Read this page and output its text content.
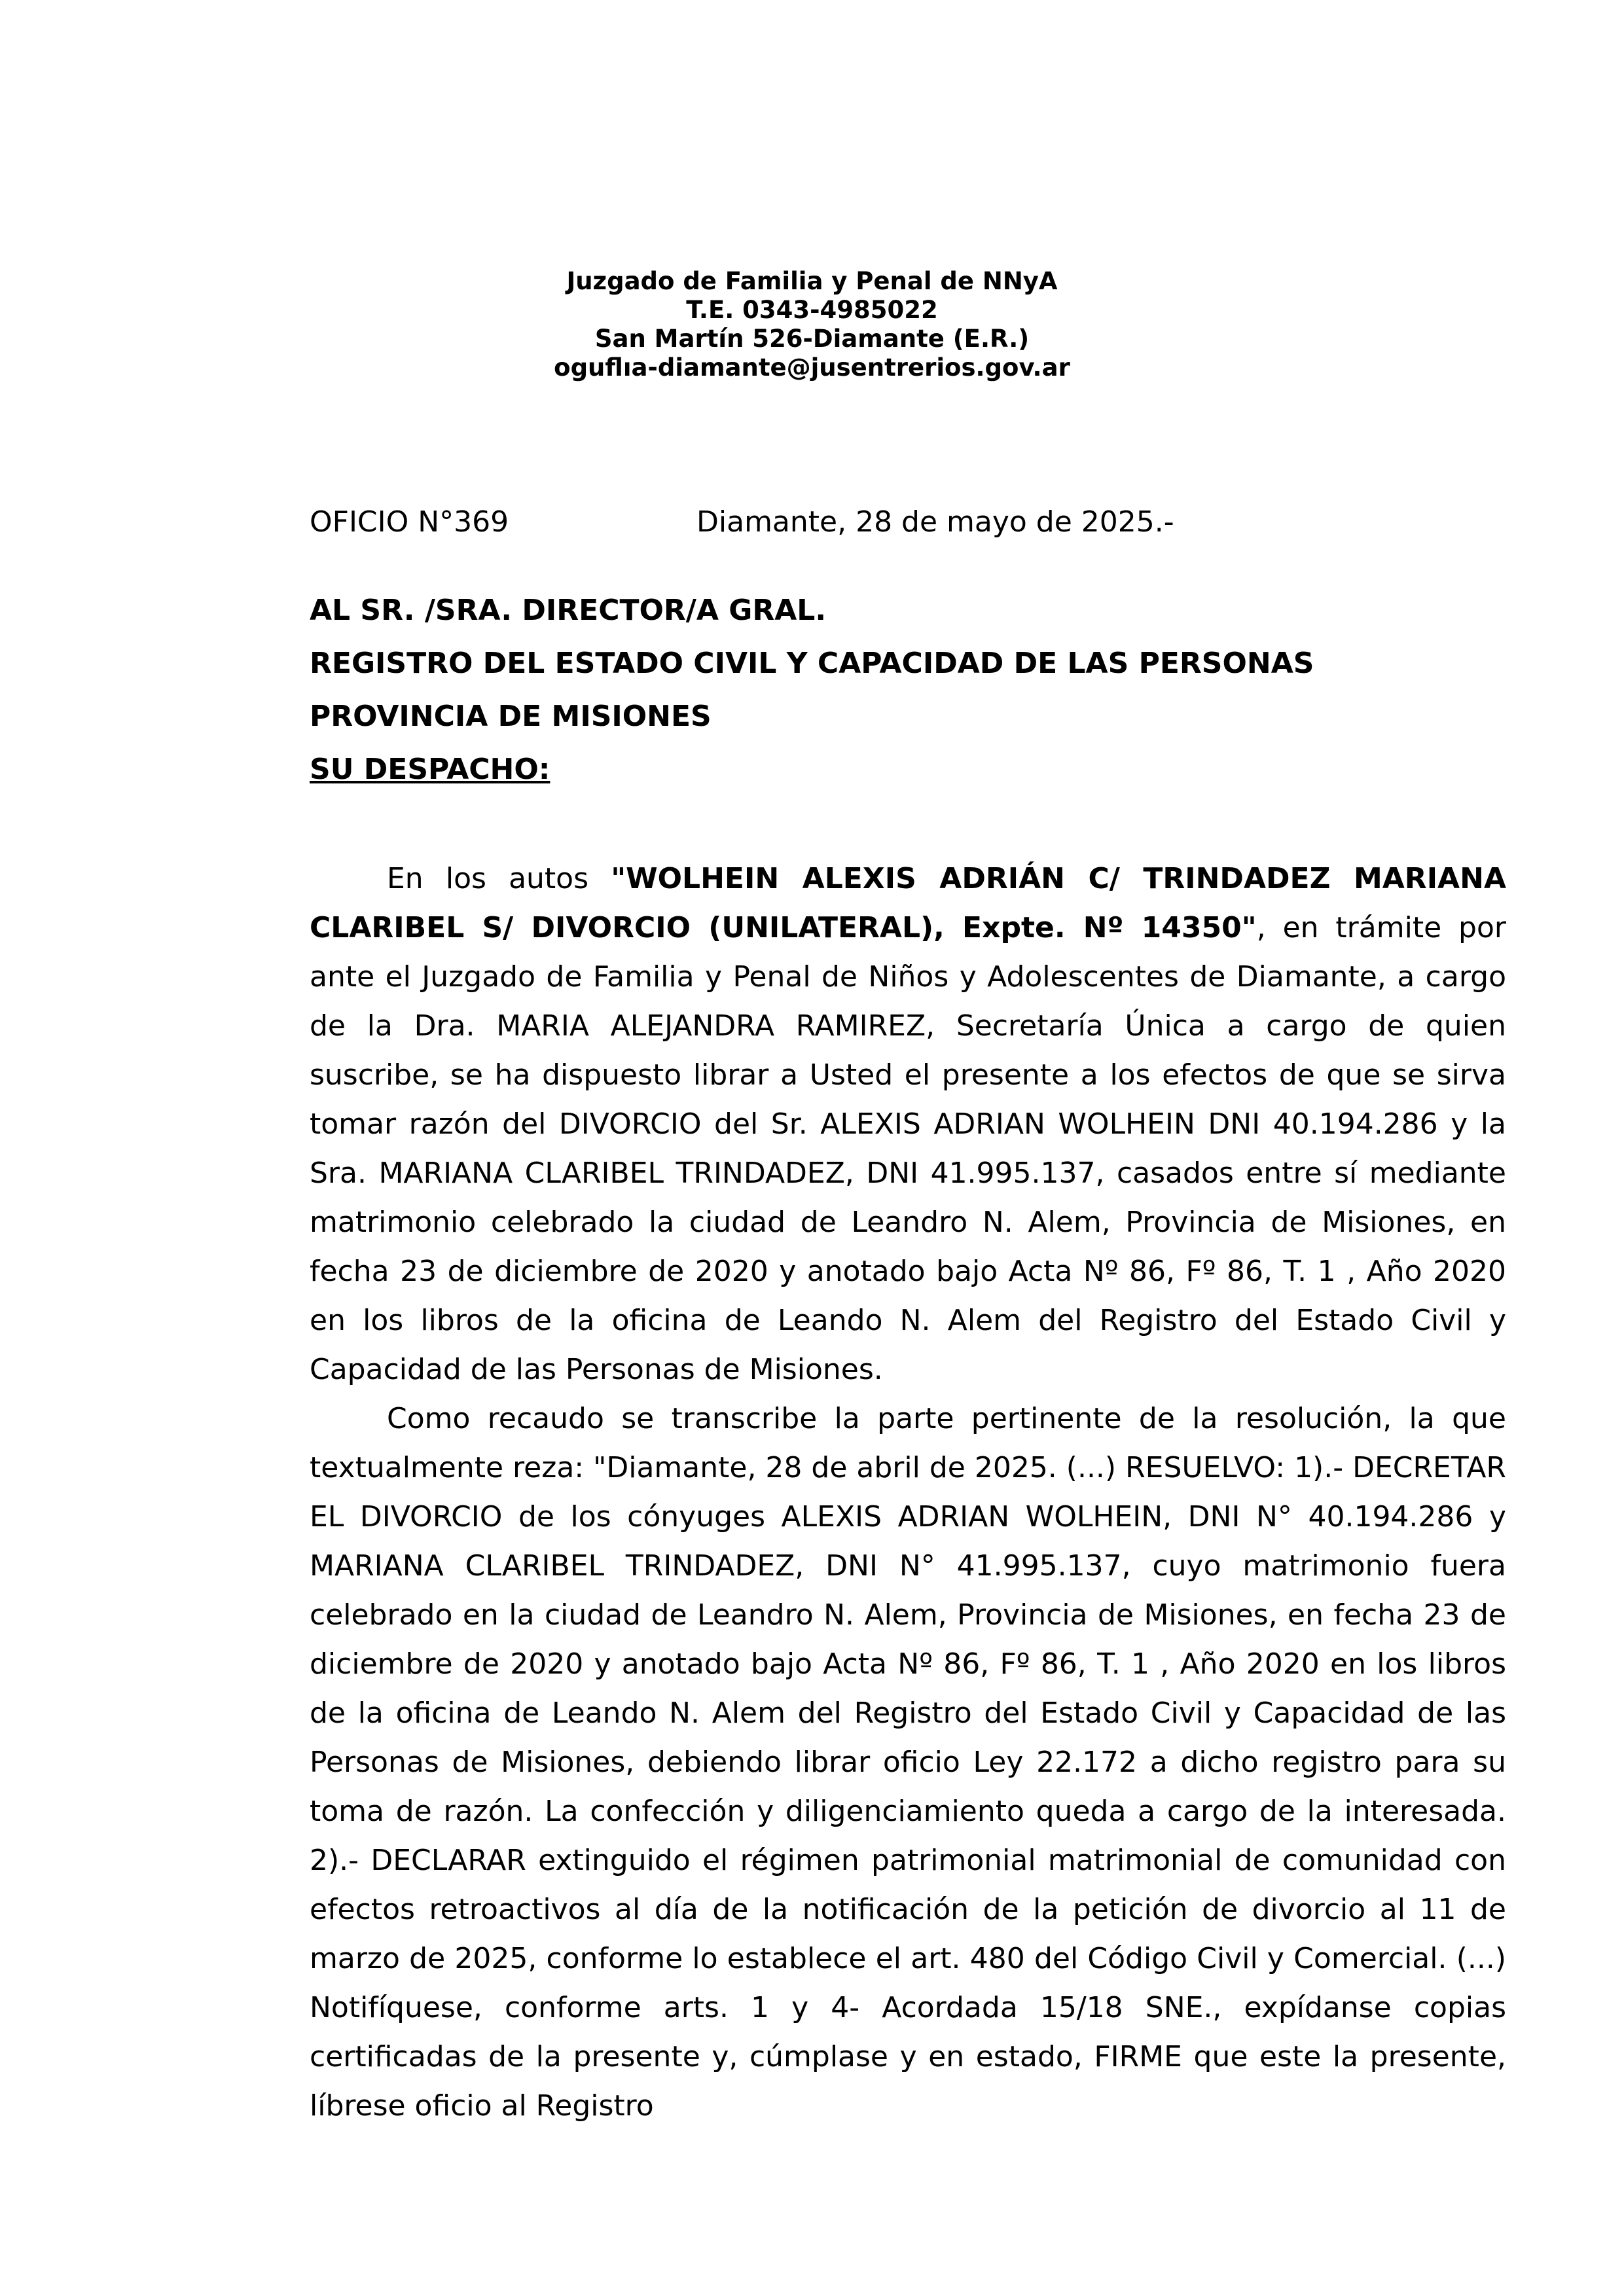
Juzgado de Familia y Penal de NNyA
T.E. 0343-4985022
San Martín 526-Diamante (E.R.)
oguflıa-diamante@jusentrerios.gov.ar
OFICIO N°369	Diamante, 28 de mayo de 2025.-
AL SR. /SRA. DIRECTOR/A GRAL.
REGISTRO DEL ESTADO CIVIL Y CAPACIDAD DE LAS PERSONAS
PROVINCIA DE MISIONES
SU DESPACHO:

En los autos "WOLHEIN ALEXIS ADRIÁN C/ TRINDADEZ MARIANA CLARIBEL S/ DIVORCIO (UNILATERAL), Expte. Nº 14350", en trámite por ante el Juzgado de Familia y Penal de Niños y Adolescentes de Diamante, a cargo de la Dra. MARIA ALEJANDRA RAMIREZ, Secretaría Única a cargo de quien suscribe, se ha dispuesto librar a Usted el presente a los efectos de que se sirva tomar razón del DIVORCIO del Sr. ALEXIS ADRIAN WOLHEIN DNI 40.194.286 y la Sra. MARIANA CLARIBEL TRINDADEZ, DNI 41.995.137, casados entre sí mediante matrimonio celebrado la ciudad de Leandro N. Alem, Provincia de Misiones, en fecha 23 de diciembre de 2020 y anotado bajo Acta Nº 86, Fº 86, T. 1 , Año 2020 en los libros de la oficina de Leando N. Alem del Registro del Estado Civil y Capacidad de las Personas de Misiones.

Como recaudo se transcribe la parte pertinente de la resolución, la que textualmente reza: "Diamante, 28 de abril de 2025. (...) RESUELVO: 1).- DECRETAR EL DIVORCIO de los cónyuges ALEXIS ADRIAN WOLHEIN, DNI N° 40.194.286 y MARIANA CLARIBEL TRINDADEZ, DNI N° 41.995.137, cuyo matrimonio fuera celebrado en la ciudad de Leandro N. Alem, Provincia de Misiones, en fecha 23 de diciembre de 2020 y anotado bajo Acta Nº 86, Fº 86, T. 1 , Año 2020 en los libros de la oficina de Leando N. Alem del Registro del Estado Civil y Capacidad de las Personas de Misiones, debiendo librar oficio Ley 22.172 a dicho registro para su toma de razón. La confección y diligenciamiento queda a cargo de la interesada. 2).- DECLARAR extinguido el régimen patrimonial matrimonial de comunidad con efectos retroactivos al día de la notificación de la petición de divorcio al 11 de marzo de 2025, conforme lo establece el art. 480 del Código Civil y Comercial. (...) Notifíquese, conforme arts. 1 y 4- Acordada 15/18 SNE., expídanse copias certificadas de la presente y, cúmplase y en estado, FIRME que este la presente, líbrese oficio al Registro
